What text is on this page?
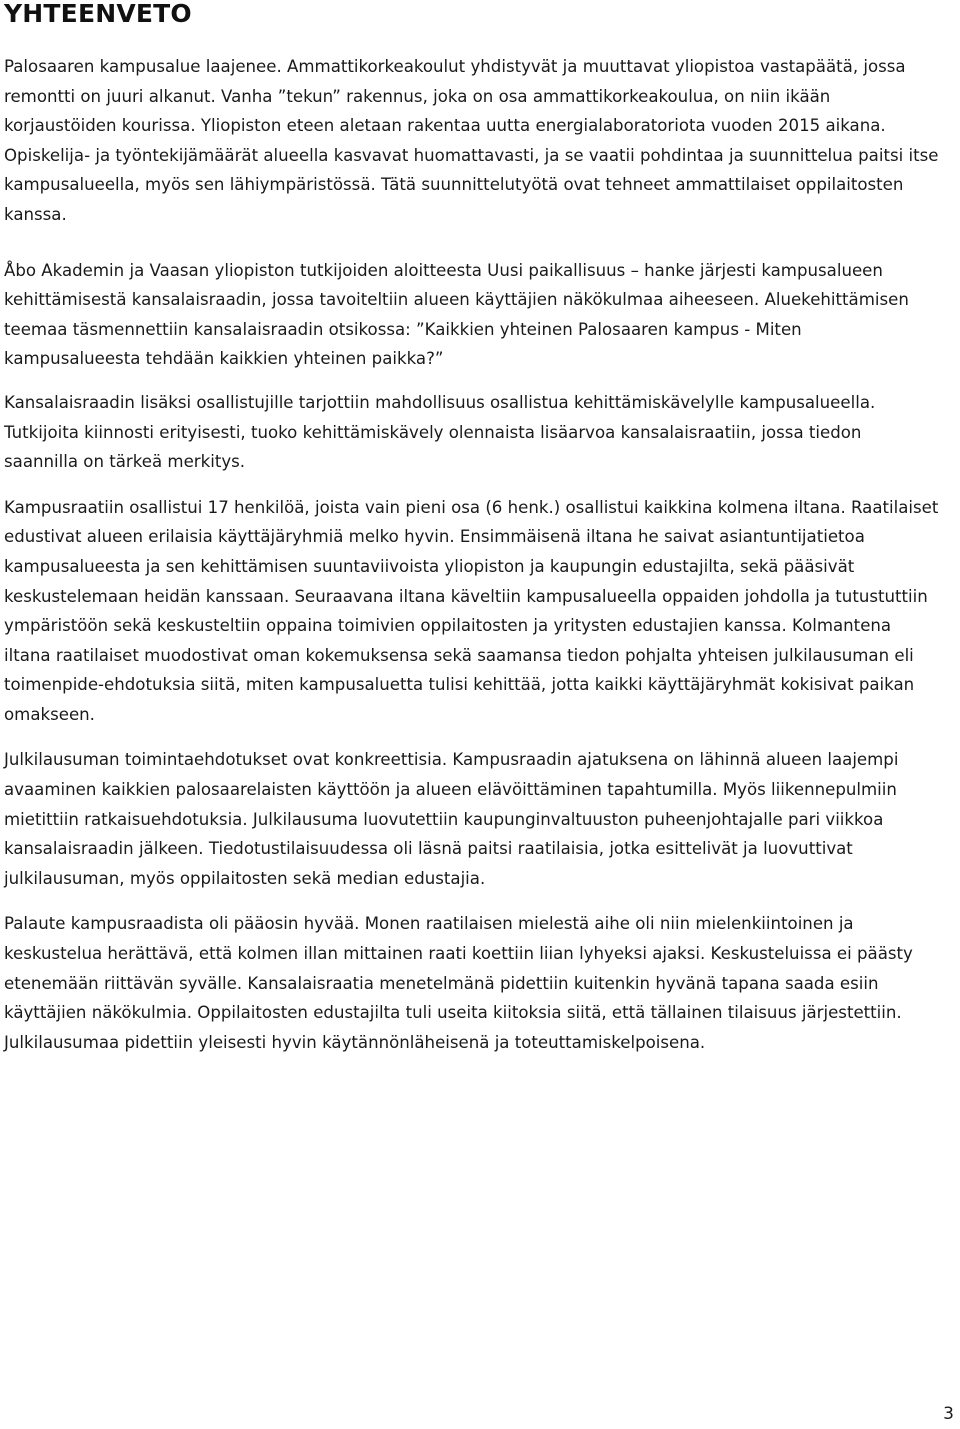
YHTEENVETO

Palosaaren kampusalue laajenee. Ammattikorkeakoulut yhdistyvät ja muuttavat yliopistoa vastapäätä, jossa remontti on juuri alkanut. Vanha ”tekun” rakennus, joka on osa ammattikorkeakoulua, on niin ikään korjaustöiden kourissa. Yliopiston eteen aletaan rakentaa uutta energialaboratoriota vuoden 2015 aikana. Opiskelija- ja työntekijämäärät alueella kasvavat huomattavasti, ja se vaatii pohdintaa ja suunnittelua paitsi itse kampusalueella, myös sen lähiympäristössä. Tätä suunnittelutyötä ovat tehneet ammattilaiset oppilaitosten kanssa.

Åbo Akademin ja Vaasan yliopiston tutkijoiden aloitteesta Uusi paikallisuus – hanke järjesti kampusalueen kehittämisestä kansalaisraadin, jossa tavoiteltiin alueen käyttäjien näkökulmaa aiheeseen. Aluekehittämisen teemaa täsmennettiin kansalaisraadin otsikossa: ”Kaikkien yhteinen Palosaaren kampus - Miten kampusalueesta tehdään kaikkien yhteinen paikka?”

Kansalaisraadin lisäksi osallistujille tarjottiin mahdollisuus osallistua kehittämiskävelylle kampusalueella. Tutkijoita kiinnosti erityisesti, tuoko kehittämiskävely olennaista lisäarvoa kansalaisraatiin, jossa tiedon saannilla on tärkeä merkitys.

Kampusraatiin osallistui 17 henkilöä, joista vain pieni osa (6 henk.) osallistui kaikkina kolmena iltana. Raatilaiset edustivat alueen erilaisia käyttäjäryhmiä melko hyvin. Ensimmäisenä iltana he saivat asiantuntijatietoa kampusalueesta ja sen kehittämisen suuntaviivoista yliopiston ja kaupungin edustajilta, sekä pääsivät keskustelemaan heidän kanssaan. Seuraavana iltana käveltiin kampusalueella oppaiden johdolla ja tutustuttiin ympäristöön sekä keskusteltiin oppaina toimivien oppilaitosten ja yritysten edustajien kanssa. Kolmantena iltana raatilaiset muodostivat oman kokemuksensa sekä saamansa tiedon pohjalta yhteisen julkilausuman eli toimenpide-ehdotuksia siitä, miten kampusaluetta tulisi kehittää, jotta kaikki käyttäjäryhmät kokisivat paikan omakseen.

Julkilausuman toimintaehdotukset ovat konkreettisia. Kampusraadin ajatuksena on lähinnä alueen laajempi avaaminen kaikkien palosaarelaisten käyttöön ja alueen elävöittäminen tapahtumilla. Myös liikennepulmiin mietittiin ratkaisuehdotuksia. Julkilausuma luovutettiin kaupunginvaltuuston puheenjohtajalle pari viikkoa kansalaisraadin jälkeen. Tiedotustilaisuudessa oli läsnä paitsi raatilaisia, jotka esittelivät ja luovuttivat julkilausuman, myös oppilaitosten sekä median edustajia.

Palaute kampusraadista oli pääosin hyvää. Monen raatilaisen mielestä aihe oli niin mielenkiintoinen ja keskustelua herättävä, että kolmen illan mittainen raati koettiin liian lyhyeksi ajaksi. Keskusteluissa ei päästy etenemään riittävän syvälle. Kansalaisraatia menetelmänä pidettiin kuitenkin hyvänä tapana saada esiin käyttäjien näkökulmia. Oppilaitosten edustajilta tuli useita kiitoksia siitä, että tällainen tilaisuus järjestettiin. Julkilausumaa pidettiin yleisesti hyvin käytännönläheisenä ja toteuttamiskelpoisena.

3
